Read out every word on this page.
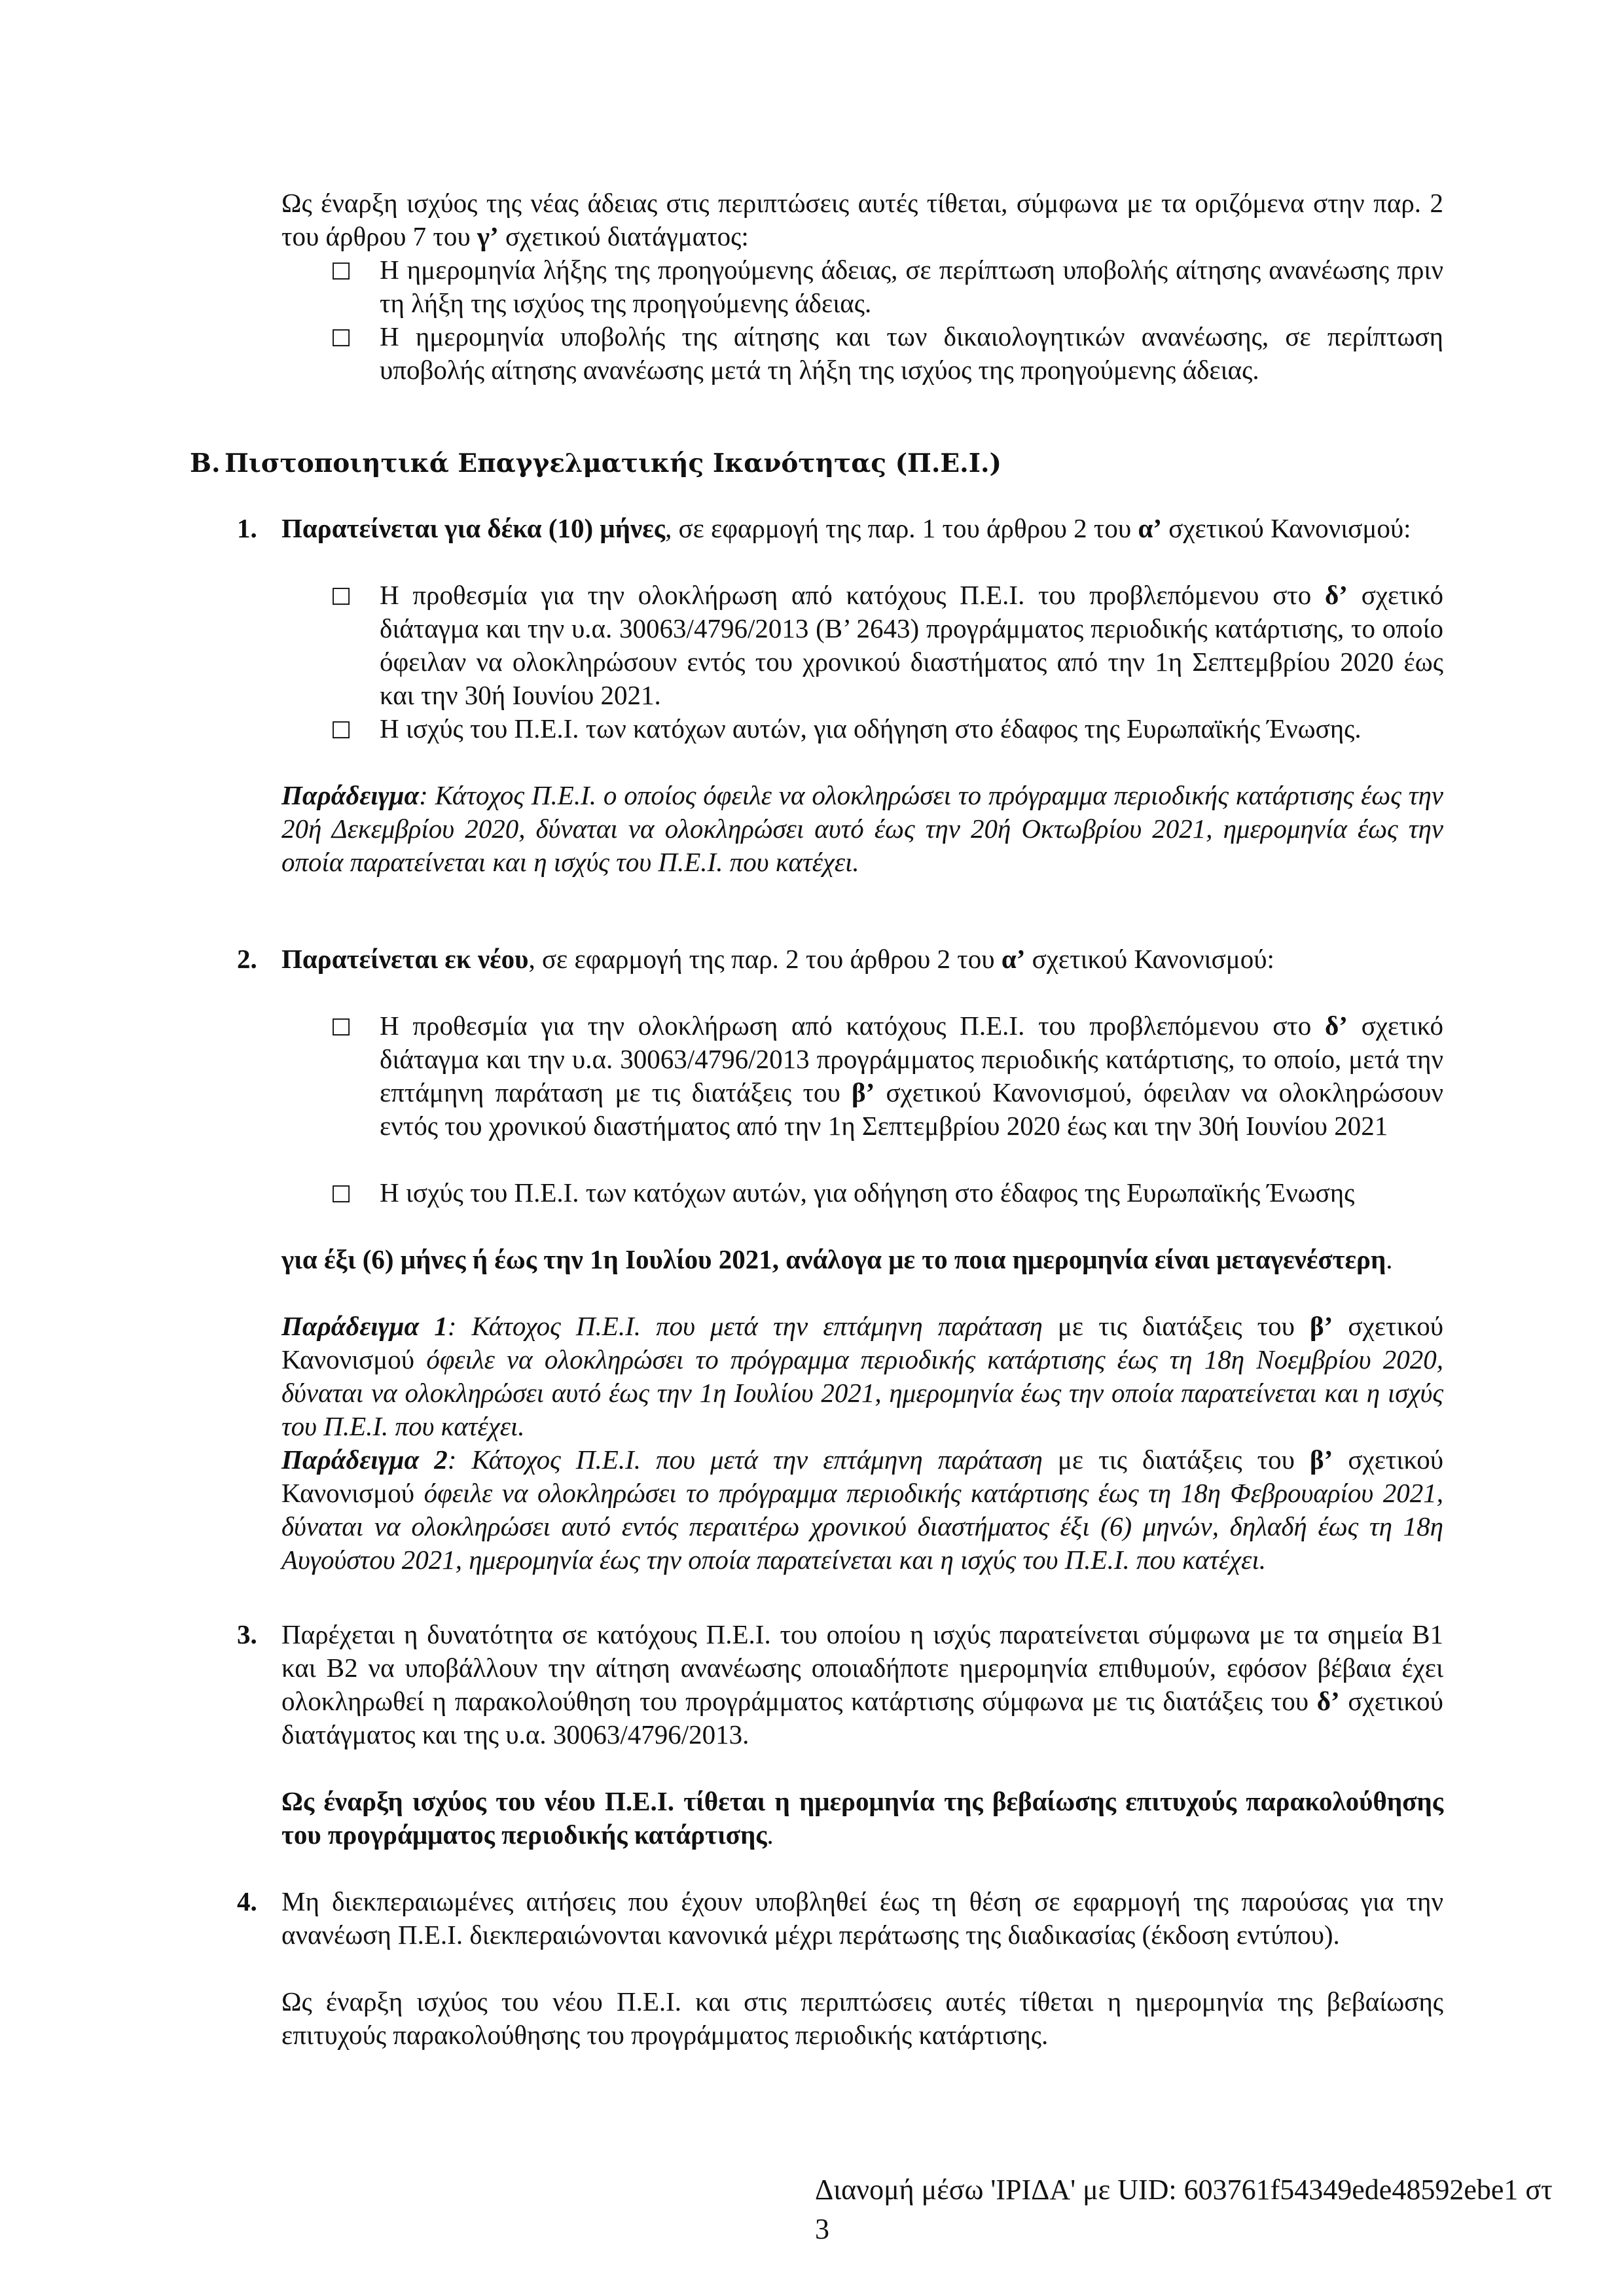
Ως έναρξη ισχύος της νέας άδειας στις περιπτώσεις αυτές τίθεται, σύμφωνα με τα οριζόμενα στην παρ. 2 του άρθρου 7 του γ’ σχετικού διατάγματος:

□ Η ημερομηνία λήξης της προηγούμενης άδειας, σε περίπτωση υποβολής αίτησης ανανέωσης πριν τη λήξη της ισχύος της προηγούμενης άδειας.

□ Η ημερομηνία υποβολής της αίτησης και των δικαιολογητικών ανανέωσης, σε περίπτωση υποβολής αίτησης ανανέωσης μετά τη λήξη της ισχύος της προηγούμενης άδειας.

Β. Πιστοποιητικά Επαγγελματικής Ικανότητας (Π.Ε.Ι.)
1. Παρατείνεται για δέκα (10) μήνες, σε εφαρμογή της παρ. 1 του άρθρου 2 του α’ σχετικού Κανονισμού:

□ Η προθεσμία για την ολοκλήρωση από κατόχους Π.Ε.Ι. του προβλεπόμενου στο δ’ σχετικό διάταγμα και την υ.α. 30063/4796/2013 (Β’ 2643) προγράμματος περιοδικής κατάρτισης, το οποίο όφειλαν να ολοκληρώσουν εντός του χρονικού διαστήματος από την 1η Σεπτεμβρίου 2020 έως και την 30ή Ιουνίου 2021.

□ Η ισχύς του Π.Ε.Ι. των κατόχων αυτών, για οδήγηση στο έδαφος της Ευρωπαϊκής Ένωσης.

Παράδειγμα: Κάτοχος Π.Ε.Ι. ο οποίος όφειλε να ολοκληρώσει το πρόγραμμα περιοδικής κατάρτισης έως την 20ή Δεκεμβρίου 2020, δύναται να ολοκληρώσει αυτό έως την 20ή Οκτωβρίου 2021, ημερομηνία έως την οποία παρατείνεται και η ισχύς του Π.Ε.Ι. που κατέχει.

2. Παρατείνεται εκ νέου, σε εφαρμογή της παρ. 2 του άρθρου 2 του α’ σχετικού Κανονισμού:

□ Η προθεσμία για την ολοκλήρωση από κατόχους Π.Ε.Ι. του προβλεπόμενου στο δ’ σχετικό διάταγμα και την υ.α. 30063/4796/2013 προγράμματος περιοδικής κατάρτισης, το οποίο, μετά την επτάμηνη παράταση με τις διατάξεις του β’ σχετικού Κανονισμού, όφειλαν να ολοκληρώσουν εντός του χρονικού διαστήματος από την 1η Σεπτεμβρίου 2020 έως και την 30ή Ιουνίου 2021

□ Η ισχύς του Π.Ε.Ι. των κατόχων αυτών, για οδήγηση στο έδαφος της Ευρωπαϊκής Ένωσης

για έξι (6) μήνες ή έως την 1η Ιουλίου 2021, ανάλογα με το ποια ημερομηνία είναι μεταγενέστερη.

Παράδειγμα 1: Κάτοχος Π.Ε.Ι. που μετά την επτάμηνη παράταση με τις διατάξεις του β’ σχετικού Κανονισμού όφειλε να ολοκληρώσει το πρόγραμμα περιοδικής κατάρτισης έως τη 18η Νοεμβρίου 2020, δύναται να ολοκληρώσει αυτό έως την 1η Ιουλίου 2021, ημερομηνία έως την οποία παρατείνεται και η ισχύς του Π.Ε.Ι. που κατέχει.

Παράδειγμα 2: Κάτοχος Π.Ε.Ι. που μετά την επτάμηνη παράταση με τις διατάξεις του β’ σχετικού Κανονισμού όφειλε να ολοκληρώσει το πρόγραμμα περιοδικής κατάρτισης έως τη 18η Φεβρουαρίου 2021, δύναται να ολοκληρώσει αυτό εντός περαιτέρω χρονικού διαστήματος έξι (6) μηνών, δηλαδή έως τη 18η Αυγούστου 2021, ημερομηνία έως την οποία παρατείνεται και η ισχύς του Π.Ε.Ι. που κατέχει.

3. Παρέχεται η δυνατότητα σε κατόχους Π.Ε.Ι. του οποίου η ισχύς παρατείνεται σύμφωνα με τα σημεία Β1 και Β2 να υποβάλλουν την αίτηση ανανέωσης οποιαδήποτε ημερομηνία επιθυμούν, εφόσον βέβαια έχει ολοκληρωθεί η παρακολούθηση του προγράμματος κατάρτισης σύμφωνα με τις διατάξεις του δ’ σχετικού διατάγματος και της υ.α. 30063/4796/2013.

Ως έναρξη ισχύος του νέου Π.Ε.Ι. τίθεται η ημερομηνία της βεβαίωσης επιτυχούς παρακολούθησης του προγράμματος περιοδικής κατάρτισης.

4. Μη διεκπεραιωμένες αιτήσεις που έχουν υποβληθεί έως τη θέση σε εφαρμογή της παρούσας για την ανανέωση Π.Ε.Ι. διεκπεραιώνονται κανονικά μέχρι περάτωσης της διαδικασίας (έκδοση εντύπου).

Ως έναρξη ισχύος του νέου Π.Ε.Ι. και στις περιπτώσεις αυτές τίθεται η ημερομηνία της βεβαίωσης επιτυχούς παρακολούθησης του προγράμματος περιοδικής κατάρτισης.

Διανομή μέσω 'ΙΡΙΔΑ' με UID: 603761f54349ede48592ebe1 στ
3
